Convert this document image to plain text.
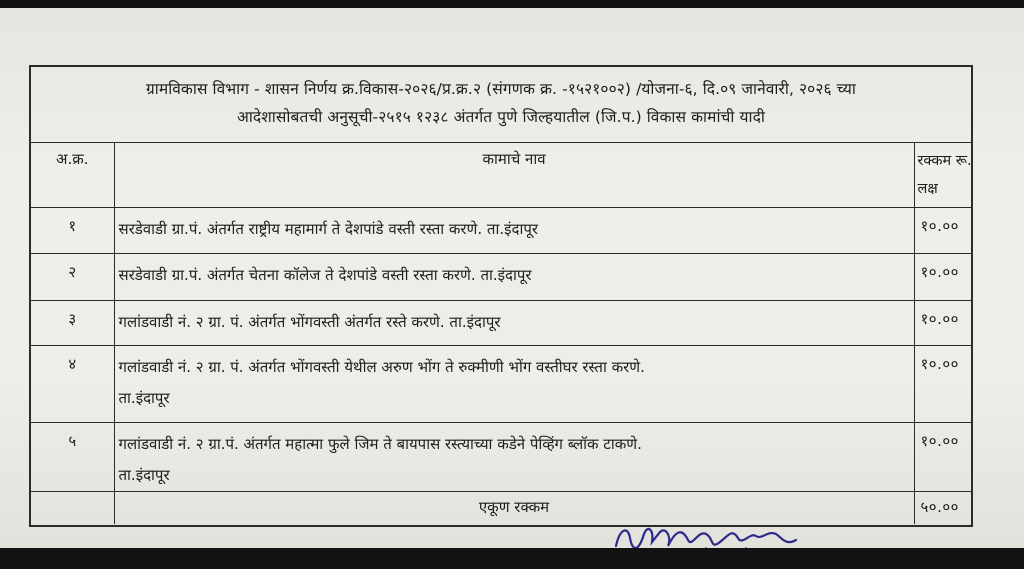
ग्रामविकास विभाग - शासन निर्णय क्र.विकास-२०२६/प्र.क्र.२ (संगणक क्र. -१५२१००२) /योजना-६, दि.०९ जानेवारी, २०२६ च्या
आदेशासोबतची अनुसूची-२५१५ १२३८ अंतर्गत पुणे जिल्हयातील (जि.प.) विकास कामांची यादी
अ.क्र.	कामाचे नाव	रक्कम रू.
लक्ष

१	सरडेवाडी ग्रा.पं. अंतर्गत राष्ट्रीय महामार्ग ते देशपांडे वस्ती रस्ता करणे. ता.इंदापूर	१०.००
२	सरडेवाडी ग्रा.पं. अंतर्गत चेतना कॉलेज ते देशपांडे वस्ती रस्ता करणे. ता.इंदापूर	१०.००
३	गलांडवाडी नं. २ ग्रा. पं. अंतर्गत भोंगवस्ती अंतर्गत रस्ते करणे. ता.इंदापूर	१०.००
४	गलांडवाडी नं. २ ग्रा. पं. अंतर्गत भोंगवस्ती येथील अरुण भोंग ते रुक्मीणी भोंग वस्तीघर रस्ता करणे.
ता.इंदापूर	१०.००
५	गलांडवाडी नं. २ ग्रा.पं. अंतर्गत महात्मा फुले जिम ते बायपास रस्त्याच्या कडेने पेव्हिंग ब्लॉक टाकणे.
ता.इंदापूर	१०.००
	एकूण रक्कम	५०.००
